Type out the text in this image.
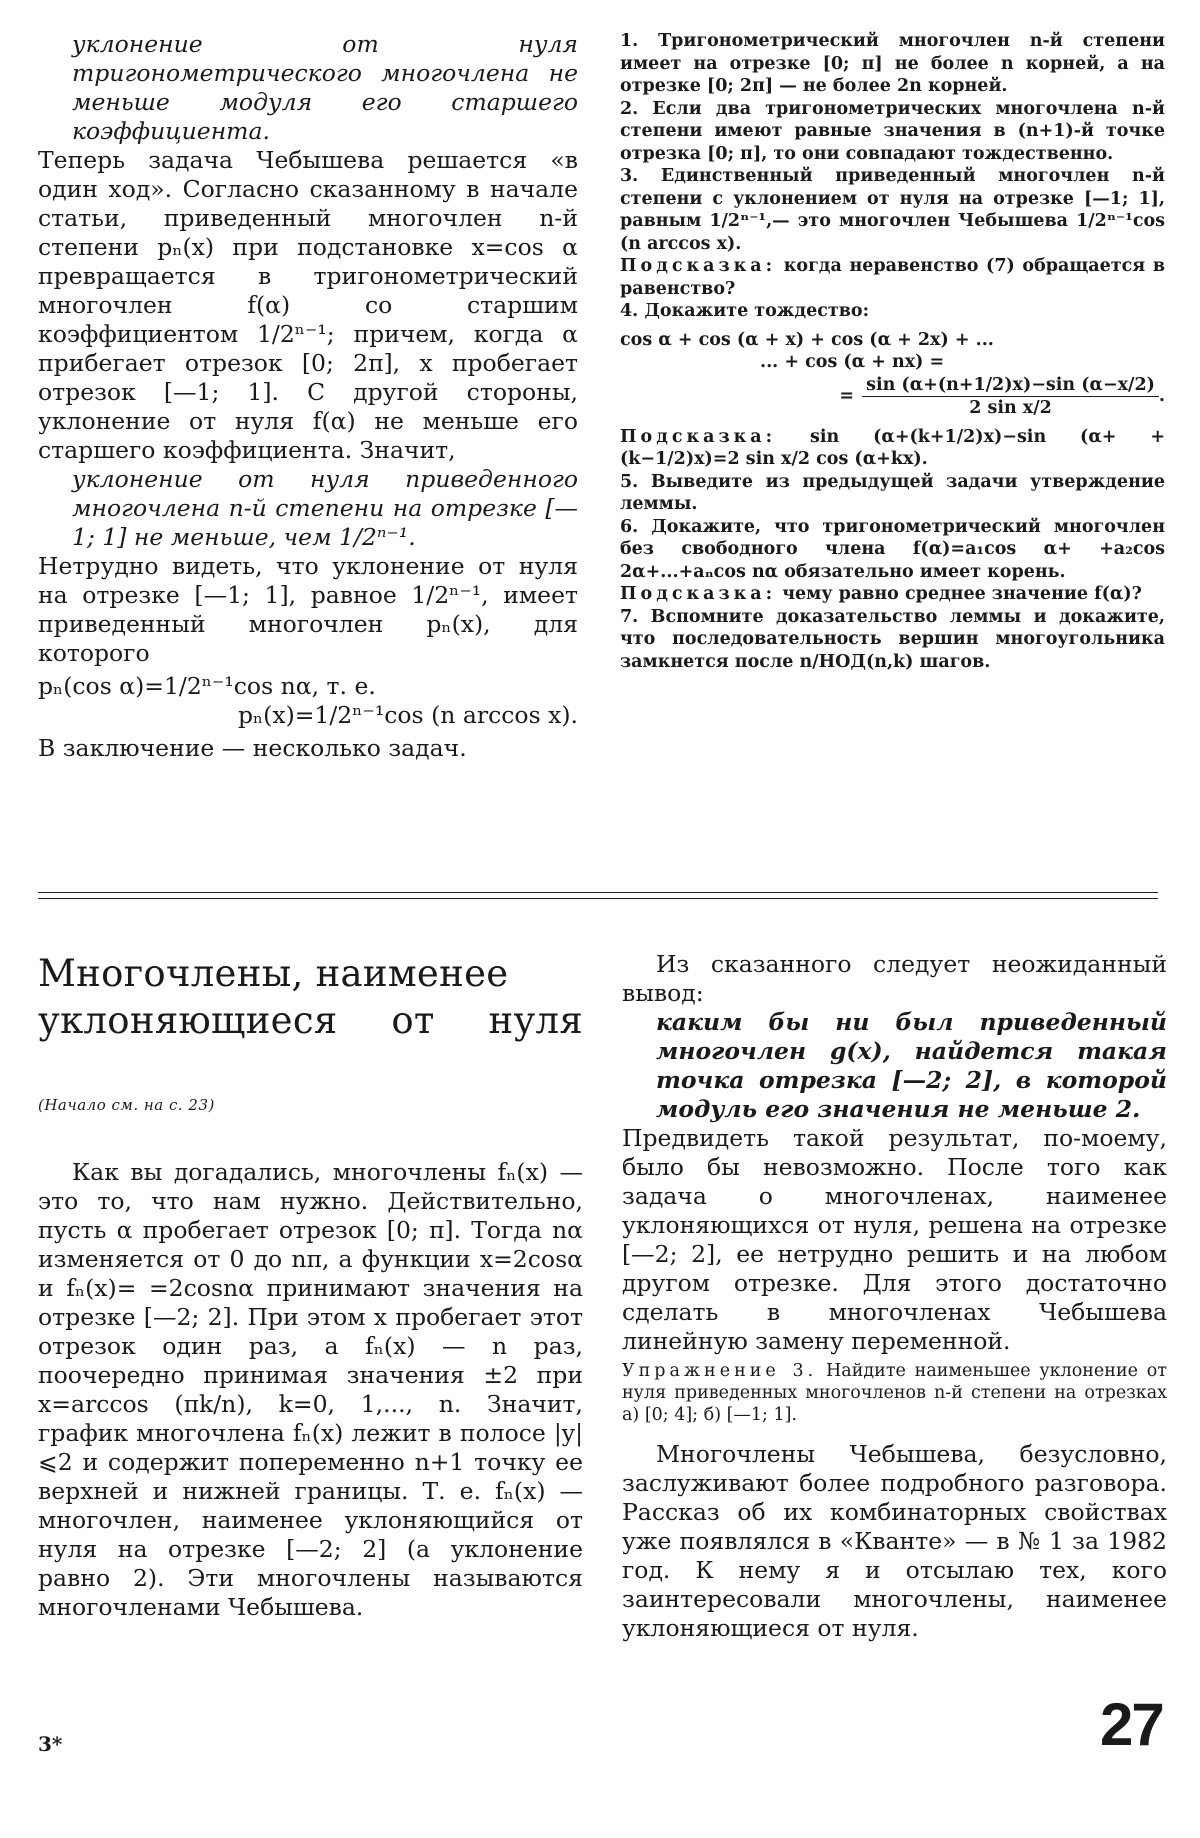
уклонение от нуля тригонометрического многочлена не меньше модуля его старшего коэффициента.

Теперь задача Чебышева решается «в один ход». Согласно сказанному в начале статьи, приведенный многочлен n-й степени pₙ(x) при подстановке x=cos α превращается в тригонометрический многочлен f(α) со старшим коэффициентом 1/2ⁿ⁻¹; причем, когда α прибегает отрезок [0; 2π], x пробегает отрезок [—1; 1]. С другой стороны, уклонение от нуля f(α) не меньше его старшего коэффициента. Значит,

уклонение от нуля приведенного многочлена n-й степени на отрезке [—1; 1] не меньше, чем 1/2ⁿ⁻¹.

Нетрудно видеть, что уклонение от нуля на отрезке [—1; 1], равное 1/2ⁿ⁻¹, имеет приведенный многочлен pₙ(x), для которого

pₙ(cos α)=1/2ⁿ⁻¹cos nα, т. е.

pₙ(x)=1/2ⁿ⁻¹cos (n arccos x).

В заключение — несколько задач.

1. Тригонометрический многочлен n-й степени имеет на отрезке [0; π] не более n корней, а на отрезке [0; 2π] — не более 2n корней.

2. Если два тригонометрических многочлена n-й степени имеют равные значения в (n+1)-й точке отрезка [0; π], то они совпадают тождественно.

3. Единственный приведенный многочлен n-й степени с уклонением от нуля на отрезке [—1; 1], равным 1/2ⁿ⁻¹,— это многочлен Чебышева 1/2ⁿ⁻¹cos (n arccos x).

Подсказка: когда неравенство (7) обращается в равенство?

4. Докажите тождество:

cos α + cos (α + x) + cos (α + 2x) + ...

... + cos (α + nx) =

= $\frac{\sin (\alpha+(n+1/2)x)-\sin (\alpha-x/2)}{\text{2 sin x/2}}$ .

Подсказка: sin (α+(k+1/2)x)−sin (α+ +(k−1/2)x)=2 sin x/2 cos (α+kx).

5. Выведите из предыдущей задачи утверждение леммы.

6. Докажите, что тригонометрический многочлен без свободного члена f(α)=a₁cos α+ +a₂cos 2α+...+aₙcos nα обязательно имеет корень.

Подсказка: чему равно среднее значение f(α)?

7. Вспомните доказательство леммы и докажите, что последовательность вершин многоугольника замкнется после n/НОД(n,k) шагов.

Многочлены, наименее

уклоняющиеся от нуля
(Начало см. на с. 23)

Как вы догадались, многочлены fₙ(x) — это то, что нам нужно. Действительно, пусть α пробегает отрезок [0; π]. Тогда nα изменяется от 0 до nπ, а функции x=2cosα и fₙ(x)= =2cosnα принимают значения на отрезке [—2; 2]. При этом x пробегает этот отрезок один раз, а fₙ(x) — n раз, поочередно принимая значения ±2 при x=arccos (πk/n), k=0, 1,..., n. Значит, график многочлена fₙ(x) лежит в полосе |y|⩽2 и содержит попеременно n+1 точку ее верхней и нижней границы. Т. е. fₙ(x) — многочлен, наименее уклоняющийся от нуля на отрезке [—2; 2] (а уклонение равно 2). Эти многочлены называются многочленами Чебышева.

Из сказанного следует неожиданный вывод:

каким бы ни был приведенный многочлен g(x), найдется такая точка отрезка [—2; 2], в которой модуль его значения не меньше 2.

Предвидеть такой результат, по-моему, было бы невозможно. После того как задача о многочленах, наименее уклоняющихся от нуля, решена на отрезке [—2; 2], ее нетрудно решить и на любом другом отрезке. Для этого достаточно сделать в многочленах Чебышева линейную замену переменной.

Упражнение 3. Найдите наименьшее уклонение от нуля приведенных многочленов n-й степени на отрезках а) [0; 4]; б) [—1; 1].

Многочлены Чебышева, безусловно, заслуживают более подробного разговора. Рассказ об их комбинаторных свойствах уже появлялся в «Кванте» — в № 1 за 1982 год. К нему я и отсылаю тех, кого заинтересовали многочлены, наименее уклоняющиеся от нуля.

3*	27
